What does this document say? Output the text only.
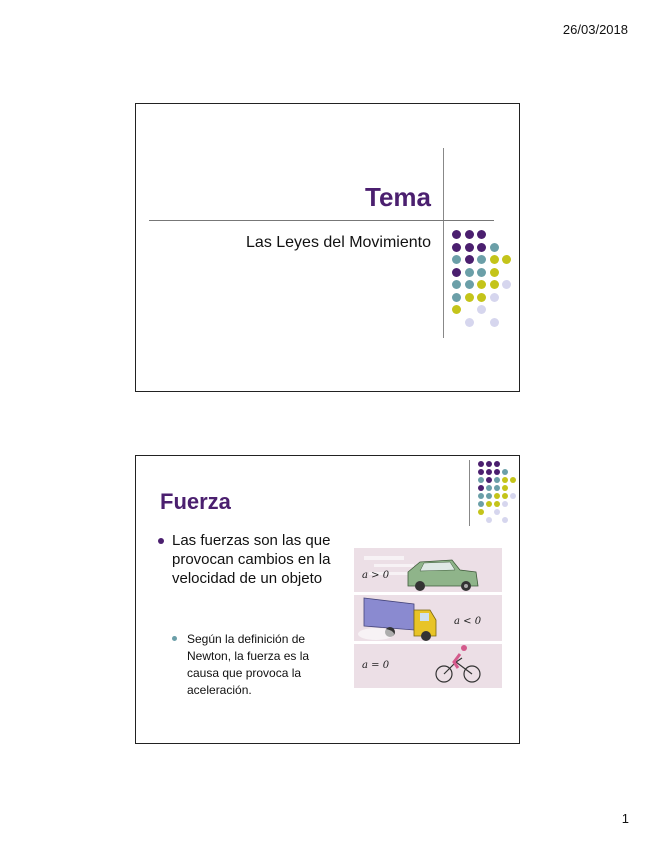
26/03/2018
Tema
Las Leyes del Movimiento
Fuerza
Las fuerzas son las que provocan cambios en la velocidad de un objeto
Según la definición de Newton, la fuerza es la causa que provoca la aceleración.
a > 0
a < 0
a = 0
1
